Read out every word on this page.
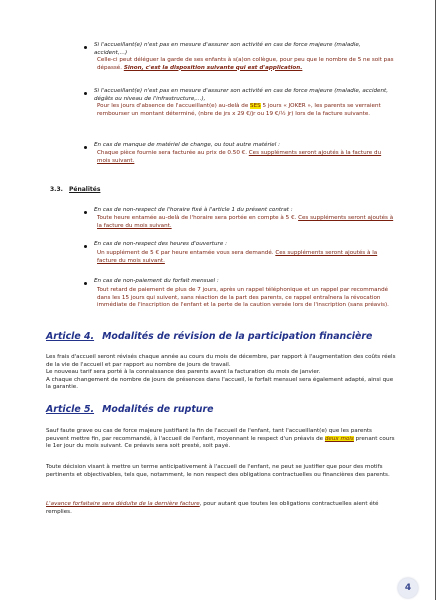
Si l'accueillant(e) n'est pas en mesure d'assurer son activité en cas de force majeure (maladie, accident,...)
Celle-ci peut déléguer la garde de ses enfants à s(a)on collègue, pour peu que le nombre de 5 ne soit pas dépassé. Sinon, c'est la disposition suivante qui est d'application.
Si l'accueillant(e) n'est pas en mesure d'assurer son activité en cas de force majeure (maladie, accident, dégâts ou niveau de l'infrastructure,...),
Pour les jours d'absence de l'accueillant(e) au-delà de SES 5 jours « JOKER », les parents se verraient rembourser un montant déterminé, (nbre de jrs x 29 €/jr ou 19 €/½ jr) lors de la facture suivante.
En cas de manque de matériel de change, ou tout autre matériel :
Chaque pièce fournie sera facturée au prix de 0.50 €. Ces suppléments seront ajoutés à la facture du mois suivant.
3.3. Pénalités
En cas de non-respect de l'horaire fixé à l'article 1 du présent contrat :
Toute heure entamée au-delà de l'horaire sera portée en compte à 5 €. Ces suppléments seront ajoutés à la facture du mois suivant.
En cas de non-respect des heures d'ouverture :
Un supplément de 5 € par heure entamée vous sera demandé. Ces suppléments seront ajoutés à la facture du mois suivant.
En cas de non-paiement du forfait mensuel :
Tout retard de paiement de plus de 7 jours, après un rappel téléphonique et un rappel par recommandé dans les 15 jours qui suivent, sans réaction de la part des parents, ce rappel entraînera la révocation immédiate de l'inscription de l'enfant et la perte de la caution versée lors de l'inscription (sans préavis).
Article 4. Modalités de révision de la participation financière

Les frais d'accueil seront révisés chaque année au cours du mois de décembre, par rapport à l'augmentation des coûts réels de la vie de l'accueil et par rapport au nombre de jours de travail.

Le nouveau tarif sera porté à la connaissance des parents avant la facturation du mois de janvier.

A chaque changement de nombre de jours de présences dans l'accueil, le forfait mensuel sera également adapté, ainsi que la garantie.

Article 5. Modalités de rupture
Sauf faute grave ou cas de force majeure justifiant la fin de l'accueil de l'enfant, tant l'accueillant(e) que les parents peuvent mettre fin, par recommandé, à l'accueil de l'enfant, moyennant le respect d'un préavis de deux mois prenant cours le 1er jour du mois suivant. Ce préavis sera soit presté, soit payé.
Toute décision visant à mettre un terme anticipativement à l'accueil de l'enfant, ne peut se justifier que pour des motifs pertinents et objectivables, tels que, notamment, le non respect des obligations contractuelles ou financières des parents.
L'avance forfaitaire sera déduite de la dernière facture, pour autant que toutes les obligations contractuelles aient été remplies.
4
